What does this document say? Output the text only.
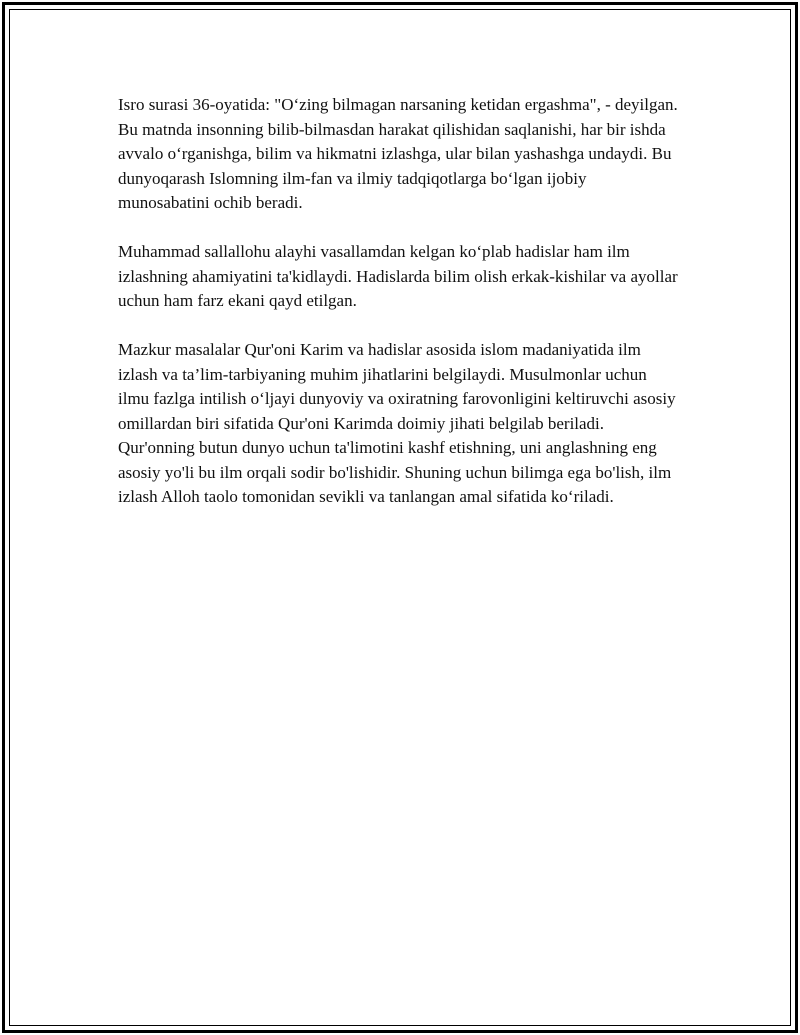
Isro surasi 36-oyatida: "O‘zing bilmagan narsaning ketidan ergashma", - deyilgan. Bu matnda insonning bilib-bilmasdan harakat qilishidan saqlanishi, har bir ishda avvalo o‘rganishga, bilim va hikmatni izlashga, ular bilan yashashga undaydi. Bu dunyoqarash Islomning ilm-fan va ilmiy tadqiqotlarga bo‘lgan ijobiy munosabatini ochib beradi.

Muhammad sallallohu alayhi vasallamdan kelgan ko‘plab hadislar ham ilm izlashning ahamiyatini ta'kidlaydi. Hadislarda bilim olish erkak-kishilar va ayollar uchun ham farz ekani qayd etilgan.

Mazkur masalalar Qur'oni Karim va hadislar asosida islom madaniyatida ilm izlash va ta’lim-tarbiyaning muhim jihatlarini belgilaydi. Musulmonlar uchun ilmu fazlga intilish o‘ljayi dunyoviy va oxiratning farovonligini keltiruvchi asosiy omillardan biri sifatida Qur'oni Karimda doimiy jihati belgilab beriladi. Qur'onning butun dunyo uchun ta'limotini kashf etishning, uni anglashning eng asosiy yo'li bu ilm orqali sodir bo'lishidir. Shuning uchun bilimga ega bo'lish, ilm izlash Alloh taolo tomonidan sevikli va tanlangan amal sifatida ko‘riladi.
